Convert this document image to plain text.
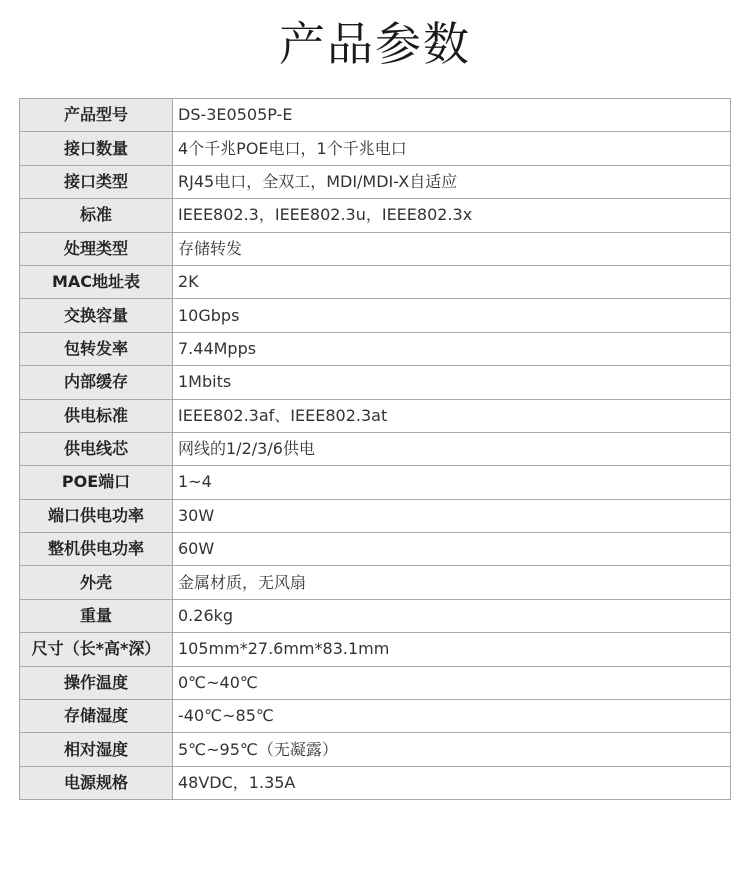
产品参数
产品型号	DS-3E0505P-E
接口数量	4个千兆POE电口，1个千兆电口
接口类型	RJ45电口，全双工，MDI/MDI-X自适应
标准	IEEE802.3，IEEE802.3u，IEEE802.3x
处理类型	存储转发
MAC地址表	2K
交换容量	10Gbps
包转发率	7.44Mpps
内部缓存	1Mbits
供电标准	IEEE802.3af、IEEE802.3at
供电线芯	网线的1/2/3/6供电
POE端口	1~4
端口供电功率	30W
整机供电功率	60W
外壳	金属材质，无风扇
重量	0.26kg
尺寸（长*高*深）	105mm*27.6mm*83.1mm
操作温度	0℃~40℃
存储湿度	-40℃~85℃
相对湿度	5℃~95℃（无凝露）
电源规格	48VDC，1.35A
